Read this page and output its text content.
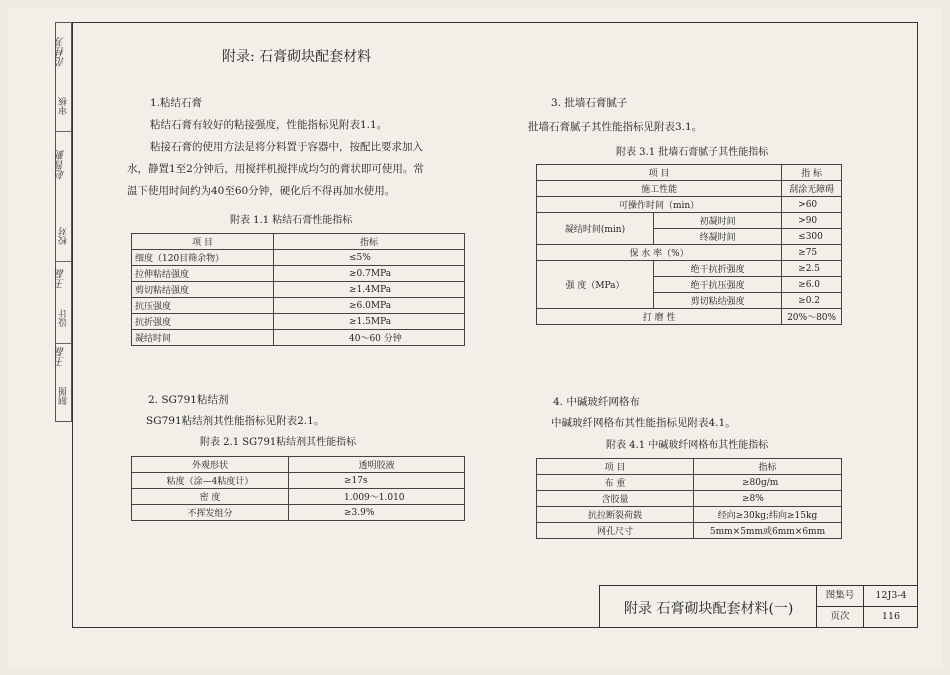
制图
王磊
设计
王磊
校对
赵智勤
审核
范桂芳	附录: 石膏砌块配套材料
1.粘结石膏
粘结石膏有较好的粘接强度，性能指标见附表1.1。
粘接石膏的使用方法是将分料置于容器中，按配比要求加入
水，静置1至2分钟后，用搅拌机搅拌成均匀的膏状即可使用。常
温下使用时间约为40至60分钟，硬化后不得再加水使用。
附表 1.1 粘结石膏性能指标
项 目	指标
细度（120目筛余物）	≤5%
拉伸粘结强度	≥0.7MPa
剪切粘结强度	≥1.4MPa
抗压强度	≥6.0MPa
抗折强度	≥1.5MPa
凝结时间	40～60 分钟
2. SG791粘结剂
SG791粘结剂其性能指标见附表2.1。
附表 2.1 SG791粘结剂其性能指标
外观形状	透明胶液
粘度（涂—4粘度计）	≥17s
密 度	1.009～1.010
不挥发组分	≥3.9%
3. 批墙石膏腻子
批墙石膏腻子其性能指标见附表3.1。
附表 3.1 批墙石膏腻子其性能指标
项 目		指 标
施工性能		刮涂无障碍
可操作时间（min）		>60
凝结时间(min)	初凝时间	>90
	终凝时间	≤300
保 水 率（%）		≥75
强 度（MPa）	绝干抗折强度	≥2.5
	绝干抗压强度	≥6.0
	剪切粘结强度	≥0.2
打 磨 性		20%～80%
4. 中碱玻纤网格布
中碱玻纤网格布其性能指标见附表4.1。
附表 4.1 中碱玻纤网格布其性能指标
项 目	指标
布 重	≥80g/m
含胶量	≥8%
抗拉断裂荷载	经向≥30kg;纬向≥15kg
网孔尺寸	5mm×5mm或6mm×6mm
附录 石膏砌块配套材料(一)
图集号	12J3-4
页次	116
